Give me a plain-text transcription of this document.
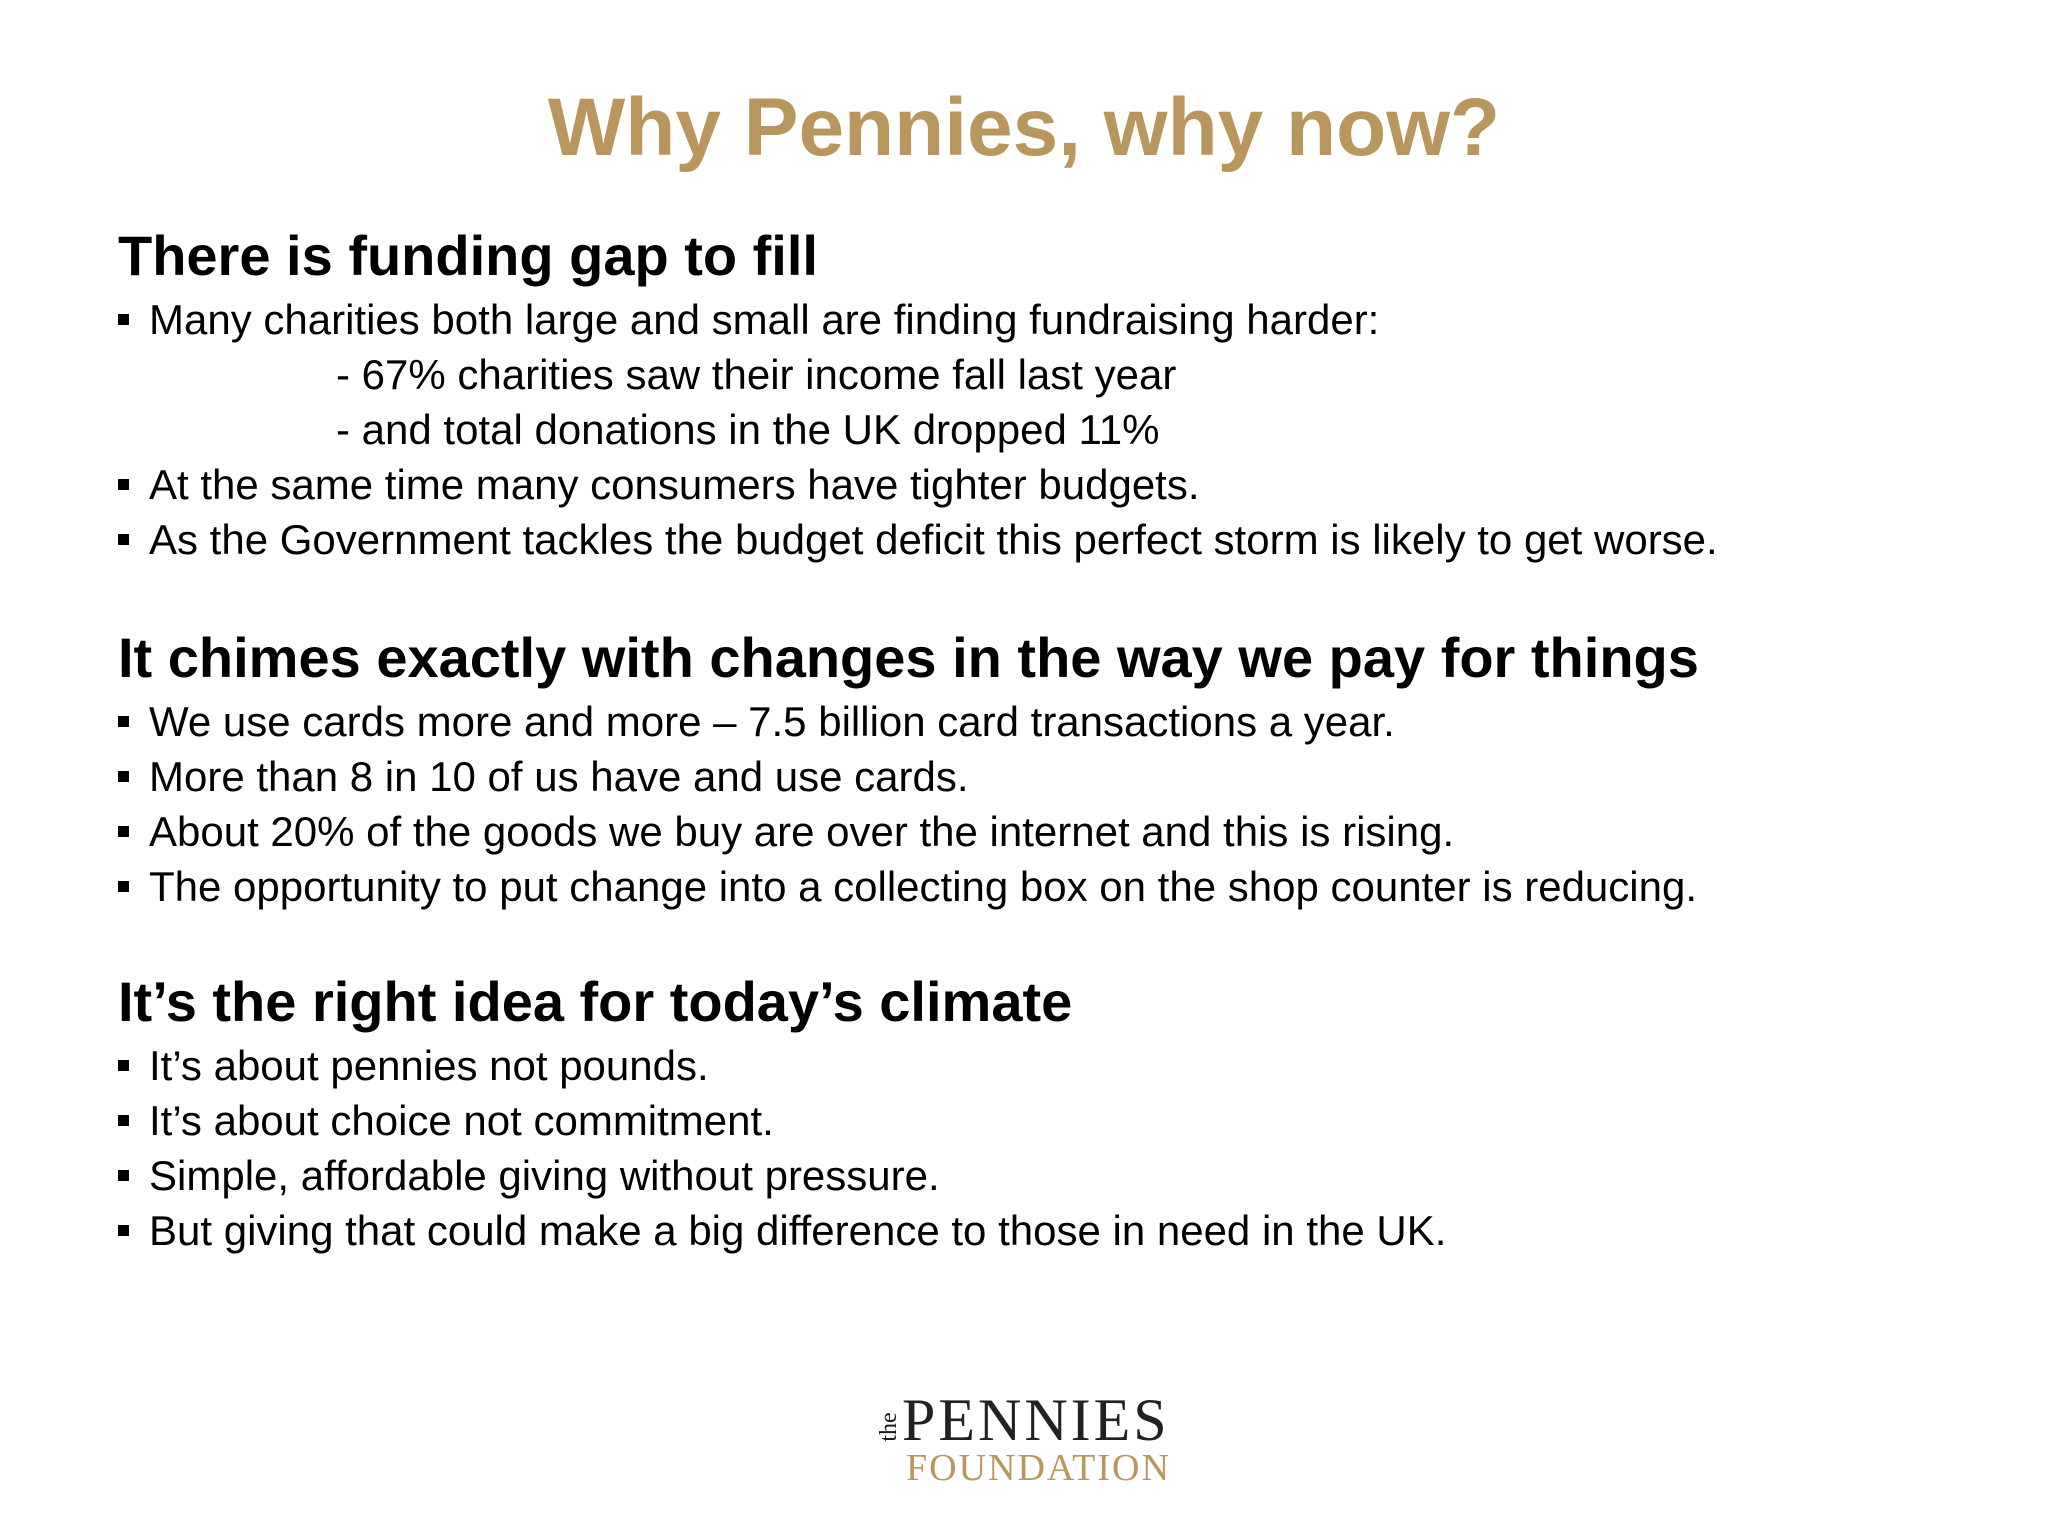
Why Pennies, why now?
There is funding gap to fill

Many charities both large and small are finding fundraising harder:

- 67% charities saw their income fall last year

- and total donations in the UK dropped 11%

At the same time many consumers have tighter budgets.

As the Government tackles the budget deficit this perfect storm is likely to get worse.

It chimes exactly with changes in the way we pay for things

We use cards more and more – 7.5 billion card transactions a year.

More than 8 in 10 of us have and use cards.

About 20% of the goods we buy are over the internet and this is rising.

The opportunity to put change into a collecting box on the shop counter is reducing.

It’s the right idea for today’s climate

It’s about pennies not pounds.

It’s about choice not commitment.

Simple, affordable giving without pressure.

But giving that could make a big difference to those in need in the UK.

the PENNIES
FOUNDATION
